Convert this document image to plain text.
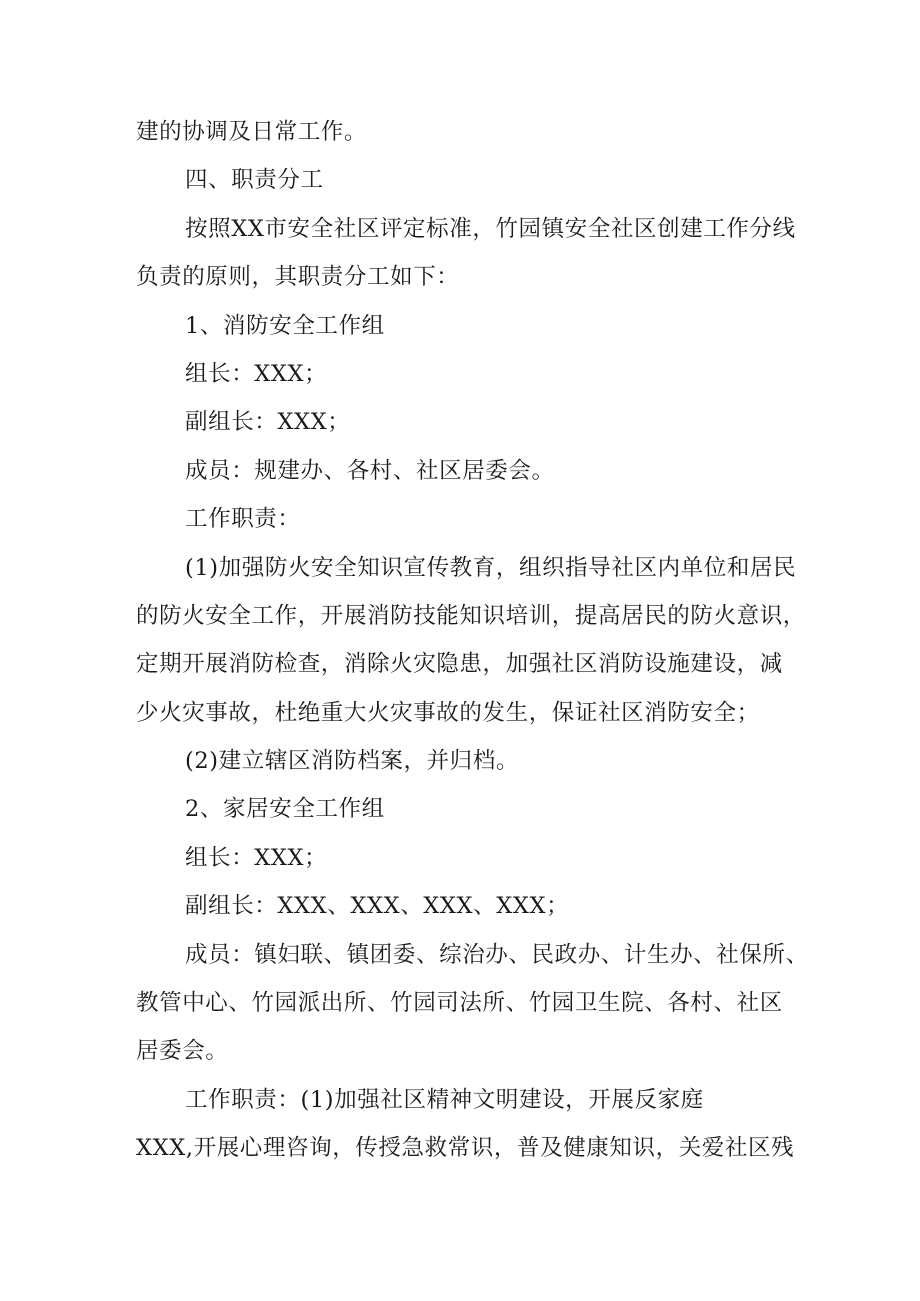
建的协调及日常工作。
四、职责分工
按照XX市安全社区评定标准，竹园镇安全社区创建工作分线
负责的原则，其职责分工如下：
1、消防安全工作组
组长：XXX；
副组长：XXX；
成员：规建办、各村、社区居委会。
工作职责：
(1)加强防火安全知识宣传教育，组织指导社区内单位和居民
的防火安全工作，开展消防技能知识培训，提高居民的防火意识，
定期开展消防检查，消除火灾隐患，加强社区消防设施建设，减
少火灾事故，杜绝重大火灾事故的发生，保证社区消防安全；
(2)建立辖区消防档案，并归档。
2、家居安全工作组
组长：XXX；
副组长：XXX、XXX、XXX、XXX；
成员：镇妇联、镇团委、综治办、民政办、计生办、社保所、
教管中心、竹园派出所、竹园司法所、竹园卫生院、各村、社区
居委会。
工作职责：(1)加强社区精神文明建设，开展反家庭
XXX,开展心理咨询，传授急救常识，普及健康知识，关爱社区残
